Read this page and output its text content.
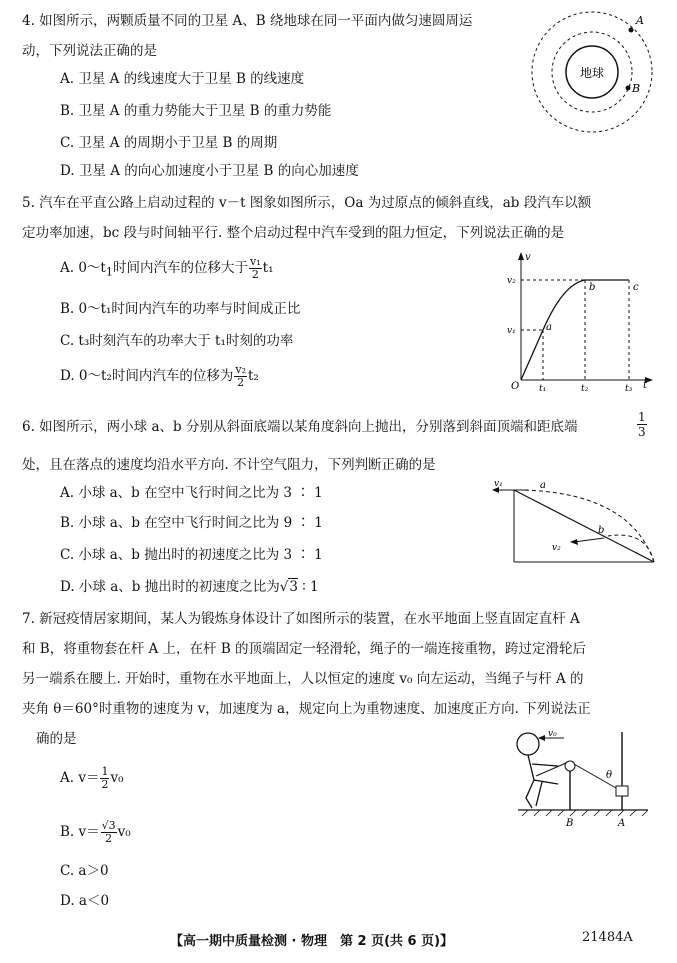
4. 如图所示，两颗质量不同的卫星 A、B 绕地球在同一平面内做匀速圆周运
动，下列说法正确的是
A. 卫星 A 的线速度大于卫星 B 的线速度
B. 卫星 A 的重力势能大于卫星 B 的重力势能
C. 卫星 A 的周期小于卫星 B 的周期
D. 卫星 A 的向心加速度小于卫星 B 的向心加速度
地球
A
B
5. 汽车在平直公路上启动过程的 v－t 图象如图所示，Oa 为过原点的倾斜直线，ab 段汽车以额
定功率加速，bc 段与时间轴平行. 整个启动过程中汽车受到的阻力恒定，下列说法正确的是
A. $0\sim t_1$时间内汽车的位移大于 $\frac{\text{v₁}}{2} t_1$
B. 0～t₁时间内汽车的功率与时间成正比
C. t₃时刻汽车的功率大于 t₁时刻的功率
D. 0～t₂时间内汽车的位移为 $\frac{\text{v₂}}{2} t_2$
v
t
O
v₂
v₁
t₁	t₂	t₃
a
b	c
6. 如图所示，两小球 a、b 分别从斜面底端以某角度斜向上抛出，分别落到斜面顶端和距底端	$\frac{1}{3}$
处，且在落点的速度均沿水平方向. 不计空气阻力，下列判断正确的是
A. 小球 a、b 在空中飞行时间之比为 3 ∶ 1
B. 小球 a、b 在空中飞行时间之比为 9 ∶ 1
C. 小球 a、b 抛出时的初速度之比为 3 ∶ 1
D. 小球 a、b 抛出时的初速度之比为√3 ∶ 1
v₁
v₂
a
b
7. 新冠疫情居家期间，某人为锻炼身体设计了如图所示的装置，在水平地面上竖直固定直杆 A
和 B，将重物套在杆 A 上，在杆 B 的顶端固定一轻滑轮，绳子的一端连接重物，跨过定滑轮后
另一端系在腰上. 开始时，重物在水平地面上，人以恒定的速度 v₀ 向左运动，当绳子与杆 A 的
夹角 θ＝60°时重物的速度为 v，加速度为 a，规定向上为重物速度、加速度正方向. 下列说法正
确的是
A. $v= \frac{1}{2} v_0$
B. $v= \frac{√3}{2} v_0$
C. a＞0
D. a＜0
v₀
θ
B	A
【高一期中质量检测 · 物理　第 2 页(共 6 页)】	21484A
